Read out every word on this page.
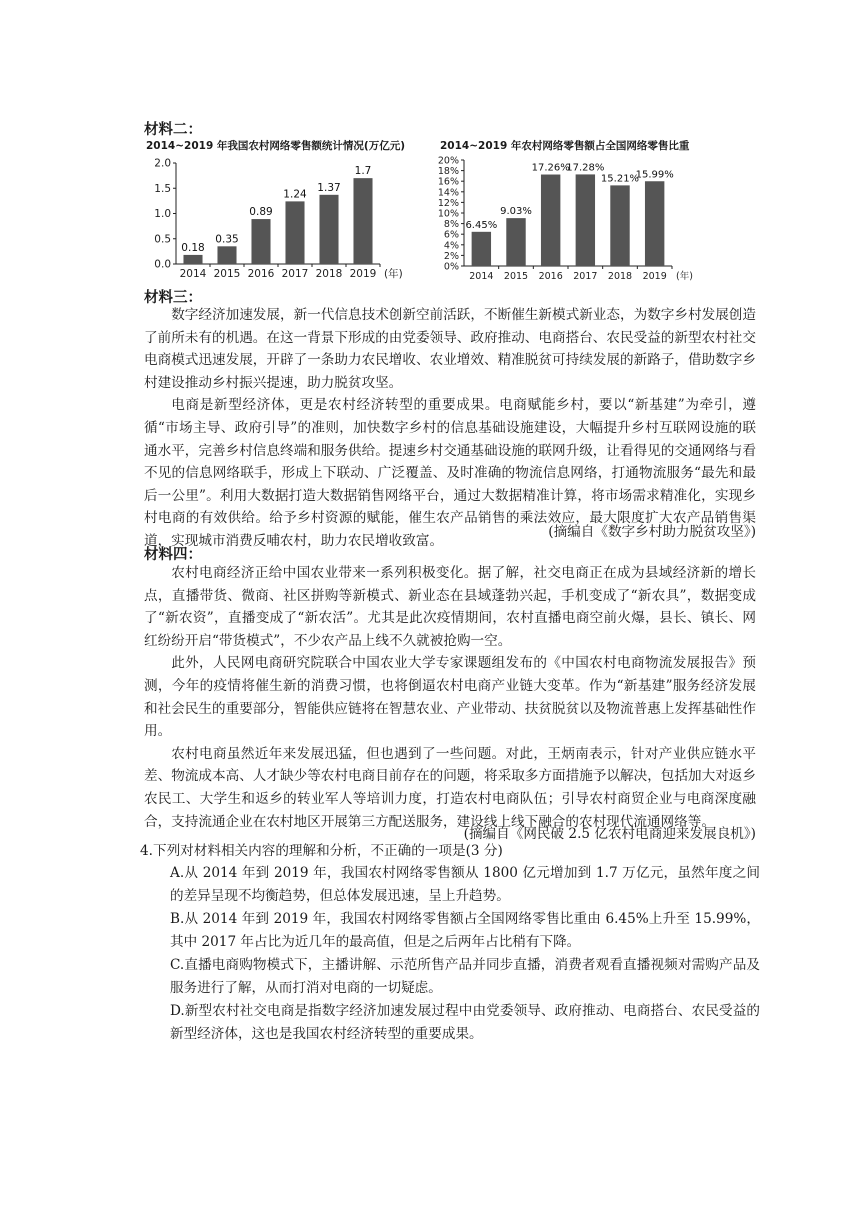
材料二：
2014~2019 年我国农村网络零售额统计情况(万亿元)	2014~2019 年农村网络零售额占全国网络零售比重
0.0
0.5
1.0
1.5
2.0
0.18
2014
0.35
2015
0.89
2016
1.24
2017
1.37
2018
1.7
2019 (年)
0%
2%
4%
6%
8%
10%
12%
14%
16%
18%
20%
6.45%
2014
9.03%
2015
17.26%
2016
17.28%
2017
15.21%
2018
15.99%
2019 (年)
材料三：

数字经济加速发展，新一代信息技术创新空前活跃，不断催生新模式新业态，为数字乡村发展创造了前所未有的机遇。在这一背景下形成的由党委领导、政府推动、电商搭台、农民受益的新型农村社交电商模式迅速发展，开辟了一条助力农民增收、农业增效、精准脱贫可持续发展的新路子，借助数字乡村建设推动乡村振兴提速，助力脱贫攻坚。

电商是新型经济体，更是农村经济转型的重要成果。电商赋能乡村，要以“新基建”为牵引，遵循“市场主导、政府引导”的准则，加快数字乡村的信息基础设施建设，大幅提升乡村互联网设施的联通水平，完善乡村信息终端和服务供给。提速乡村交通基础设施的联网升级，让看得见的交通网络与看不见的信息网络联手，形成上下联动、广泛覆盖、及时准确的物流信息网络，打通物流服务“最先和最后一公里”。利用大数据打造大数据销售网络平台，通过大数据精准计算，将市场需求精准化，实现乡村电商的有效供给。给予乡村资源的赋能，催生农产品销售的乘法效应，最大限度扩大农产品销售渠道，实现城市消费反哺农村，助力农民增收致富。

(摘编自《数字乡村助力脱贫攻坚》)
材料四：

农村电商经济正给中国农业带来一系列积极变化。据了解，社交电商正在成为县域经济新的增长点，直播带货、微商、社区拼购等新模式、新业态在县域蓬勃兴起，手机变成了“新农具”，数据变成了“新农资”，直播变成了“新农活”。尤其是此次疫情期间，农村直播电商空前火爆，县长、镇长、网红纷纷开启“带货模式”，不少农产品上线不久就被抢购一空。

此外，人民网电商研究院联合中国农业大学专家课题组发布的《中国农村电商物流发展报告》预测，今年的疫情将催生新的消费习惯，也将倒逼农村电商产业链大变革。作为“新基建”服务经济发展和社会民生的重要部分，智能供应链将在智慧农业、产业带动、扶贫脱贫以及物流普惠上发挥基础性作用。

农村电商虽然近年来发展迅猛，但也遇到了一些问题。对此，王炳南表示，针对产业供应链水平差、物流成本高、人才缺少等农村电商目前存在的问题，将采取多方面措施予以解决，包括加大对返乡农民工、大学生和返乡的转业军人等培训力度，打造农村电商队伍；引导农村商贸企业与电商深度融合，支持流通企业在农村地区开展第三方配送服务，建设线上线下融合的农村现代流通网络等。

(摘编自《网民破 2.5 亿农村电商迎来发展良机》)
4.下列对材料相关内容的理解和分析，不正确的一项是(3 分)
A.从 2014 年到 2019 年，我国农村网络零售额从 1800 亿元增加到 1.7 万亿元，虽然年度之间的差异呈现不均衡趋势，但总体发展迅速，呈上升趋势。
B.从 2014 年到 2019 年，我国农村网络零售额占全国网络零售比重由 6.45%上升至 15.99%，其中 2017 年占比为近几年的最高值，但是之后两年占比稍有下降。
C.直播电商购物模式下，主播讲解、示范所售产品并同步直播，消费者观看直播视频对需购产品及服务进行了解，从而打消对电商的一切疑虑。
D.新型农村社交电商是指数字经济加速发展过程中由党委领导、政府推动、电商搭台、农民受益的新型经济体，这也是我国农村经济转型的重要成果。
